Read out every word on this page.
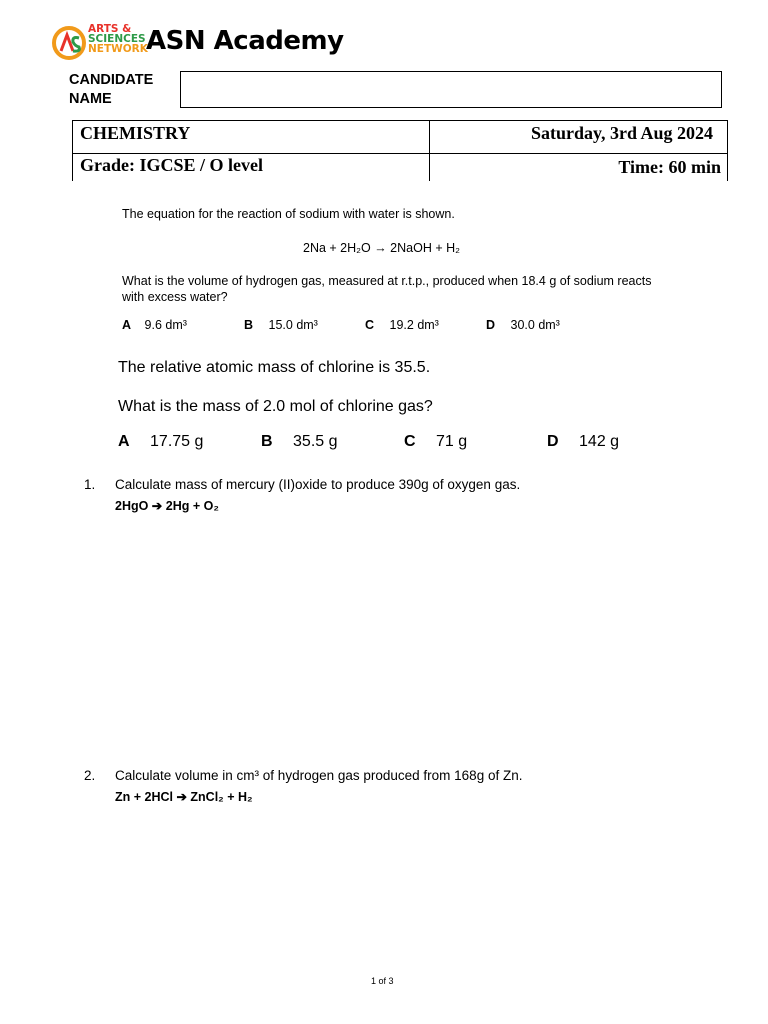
ARTS &
SCIENCES
NETWORK
ASN Academy
CANDIDATE
NAME
CHEMISTRY	Saturday, 3rd Aug 2024
Grade: IGCSE / O level	Time: 60 min
The equation for the reaction of sodium with water is shown.
2Na + 2H₂O → 2NaOH + H₂
What is the volume of hydrogen gas, measured at r.t.p., produced when 18.4 g of sodium reacts
with excess water?
A 9.6 dm³	B 15.0 dm³	C 19.2 dm³	D 30.0 dm³
The relative atomic mass of chlorine is 35.5.
What is the mass of 2.0 mol of chlorine gas?
A 17.75 g	B 35.5 g	C 71 g	D 142 g
1. Calculate mass of mercury (II)oxide to produce 390g of oxygen gas.
2HgO ➔ 2Hg + O₂
2. Calculate volume in cm³ of hydrogen gas produced from 168g of Zn.
Zn + 2HCl ➔ ZnCl₂ + H₂
1 of 3
